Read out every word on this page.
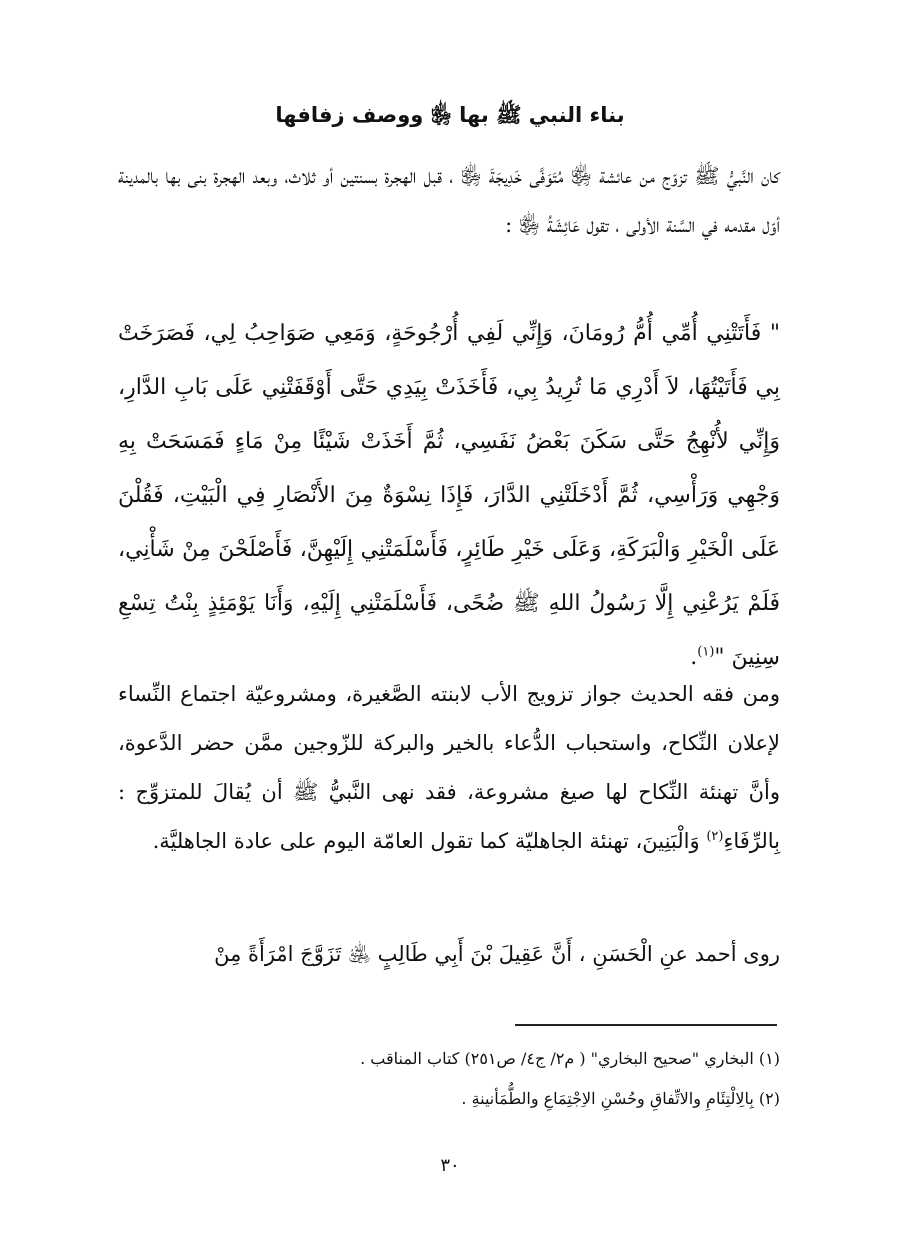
بناء النبي ﷺ بها ﵂ ووصف زفافها
كان النَّبيُّ ﷺ تزوّج من عائشة ﵂ مُتَوَفَّى خَدِيجَةَ ﵂ ، قبل الهجرة بسنتين أو ثلاث، وبعد الهجرة بنى بها بالمدينة أوّل مقدمه في السَّنة الأولى ، تقول عَائِشَةُ ﵂ :
" فَأَتَتْنِي أُمِّي أُمُّ رُومَانَ، وَإِنِّي لَفِي أُرْجُوحَةٍ، وَمَعِي صَوَاحِبُ لِي، فَصَرَخَتْ بِي فَأَتَيْتُهَا، لاَ أَدْرِي مَا تُرِيدُ بِي، فَأَخَذَتْ بِيَدِي حَتَّى أَوْقَفَتْنِي عَلَى بَابِ الدَّارِ، وَإِنِّي لأُنْهِجُ حَتَّى سَكَنَ بَعْضُ نَفَسِي، ثُمَّ أَخَذَتْ شَيْئًا مِنْ مَاءٍ فَمَسَحَتْ بِهِ وَجْهِي وَرَأْسِي، ثُمَّ أَدْخَلَتْنِي الدَّارَ، فَإِذَا نِسْوَةٌ مِنَ الأَنْصَارِ فِي الْبَيْتِ، فَقُلْنَ عَلَى الْخَيْرِ وَالْبَرَكَةِ، وَعَلَى خَيْرِ طَائِرٍ، فَأَسْلَمَتْنِي إِلَيْهِنَّ، فَأَصْلَحْنَ مِنْ شَأْنِي، فَلَمْ يَرُعْنِي إِلَّا رَسُولُ اللهِ ﷺ ضُحًى، فَأَسْلَمَتْنِي إِلَيْهِ، وَأَنَا يَوْمَئِذٍ بِنْتُ تِسْعِ سِنِينَ "$^{(١)}$.
ومن فقه الحديث جواز تزويج الأب لابنته الصَّغيرة، ومشروعيّة اجتماع النِّساء لإعلان النِّكاح، واستحباب الدُّعاء بالخير والبركة للزّوجين ممَّن حضر الدَّعوة، وأنَّ تهنئة النِّكاح لها صيغ مشروعة، فقد نهى النَّبيُّ ﷺ أن يُقالَ للمتزوِّج : بِالرِّفَاءِ$^{(٢)}$ وَالْبَنِينَ، تهنئة الجاهليّة كما تقول العامّة اليوم على عادة الجاهليَّة.
روى أحمد عنِ الْحَسَنِ ، أَنَّ عَقِيلَ بْنَ أَبِي طَالِبٍ ﵁ تَزَوَّجَ امْرَأَةً مِنْ
(١) البخاري "صحيح البخاري" ( م٢/ ج٤/ ص٢٥١) كتاب المناقب .
(٢) بِالِالْتِئَامِ والاتِّفاقِ وحُسْنِ الاِجْتِمَاعِ والطُّمَأنينةِ .
٣٠
